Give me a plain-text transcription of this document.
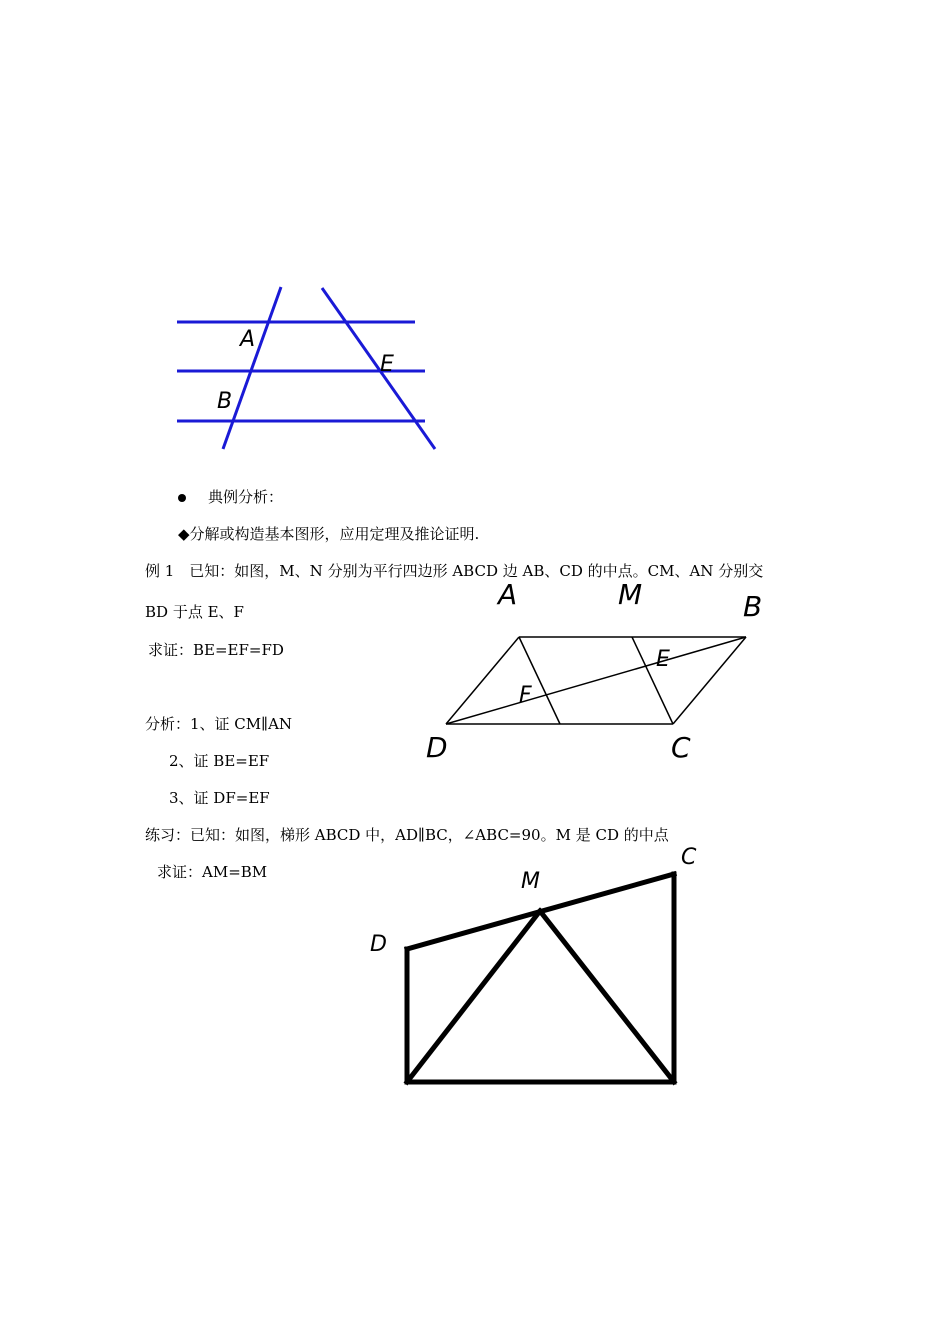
A
B
E
A	M	B
D	C
E
F
C
M
D
典例分析：
◆分解或构造基本图形，应用定理及推论证明.
例 1　已知：如图，M、N 分别为平行四边形 ABCD 边 AB、CD 的中点。CM、AN 分别交
BD 于点 E、F
求证：BE=EF=FD
分析：1、证 CM∥AN
2、证 BE=EF
3、证 DF=EF
练习：已知：如图，梯形 ABCD 中，AD∥BC，∠ABC=90。M 是 CD 的中点
求证：AM=BM
